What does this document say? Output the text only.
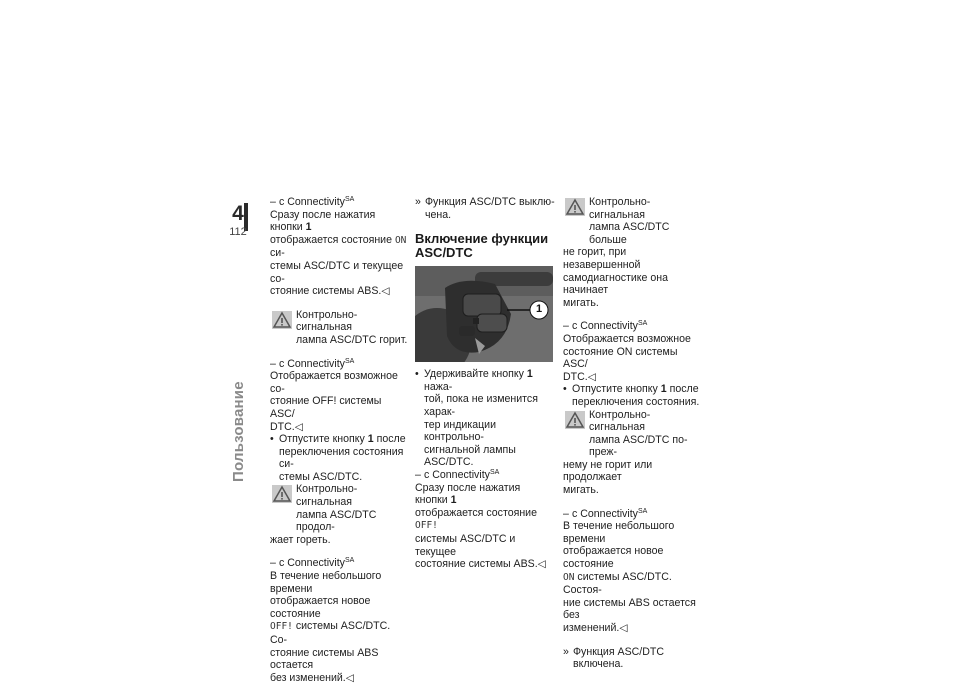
4
112
Пользование
– с Connectivity$^{SA}$

Сразу после нажатия кнопки 1

отображается состояние ON си-

стемы ASC/DTC и текущее со-

стояние системы ABS.◁

Контрольно-сигнальная

лампа ASC/DTC горит.

– с Connectivity$^{SA}$

Отображается возможное со-

стояние OFF! системы ASC/

DTC.◁

• Отпустите кнопку 1 после

переключения состояния си-

стемы ASC/DTC.

Контрольно-сигнальная

лампа ASC/DTC продол-

жает гореть.

– с Connectivity$^{SA}$

В течение небольшого времени

отображается новое состояние

OFF! системы ASC/DTC. Со-

стояние системы ABS остается

без изменений.◁

» Функция ASC/DTC выклю-

чена.

Включение функции

ASC/DTC

1
• Удерживайте кнопку 1 нажа-

той, пока не изменится харак-

тер индикации контрольно-

сигнальной лампы ASC/DTC.

– с Connectivity$^{SA}$

Сразу после нажатия кнопки 1

отображается состояние OFF!

системы ASC/DTC и текущее

состояние системы ABS.◁

Контрольно-сигнальная

лампа ASC/DTC больше

не горит, при незавершенной

самодиагностике она начинает

мигать.

– с Connectivity$^{SA}$

Отображается возможное

состояние ON системы ASC/

DTC.◁

• Отпустите кнопку 1 после

переключения состояния.

Контрольно-сигнальная

лампа ASC/DTC по-преж-

нему не горит или продолжает

мигать.

– с Connectivity$^{SA}$

В течение небольшого времени

отображается новое состояние

ON системы ASC/DTC. Состоя-

ние системы ABS остается без

изменений.◁

» Функция ASC/DTC включена.
